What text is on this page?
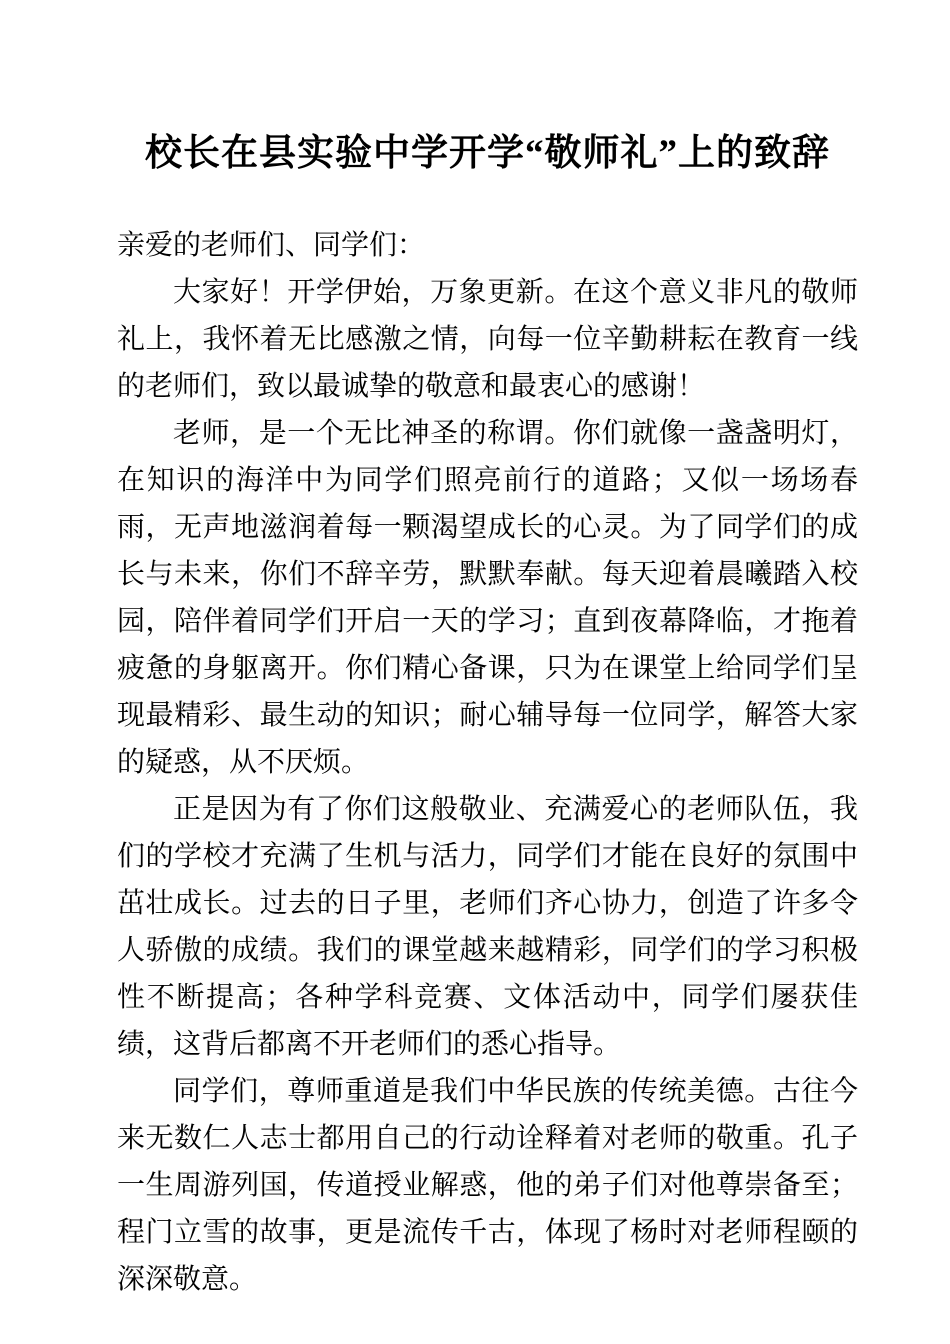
校长在县实验中学开学“敬师礼”上的致辞

亲爱的老师们、同学们：

大家好！开学伊始，万象更新。在这个意义非凡的敬师礼上，我怀着无比感激之情，向每一位辛勤耕耘在教育一线的老师们，致以最诚挚的敬意和最衷心的感谢！

老师，是一个无比神圣的称谓。你们就像一盏盏明灯，在知识的海洋中为同学们照亮前行的道路；又似一场场春雨，无声地滋润着每一颗渴望成长的心灵。为了同学们的成长与未来，你们不辞辛劳，默默奉献。每天迎着晨曦踏入校园，陪伴着同学们开启一天的学习；直到夜幕降临，才拖着疲惫的身躯离开。你们精心备课，只为在课堂上给同学们呈现最精彩、最生动的知识；耐心辅导每一位同学，解答大家的疑惑，从不厌烦。

正是因为有了你们这般敬业、充满爱心的老师队伍，我们的学校才充满了生机与活力，同学们才能在良好的氛围中茁壮成长。过去的日子里，老师们齐心协力，创造了许多令人骄傲的成绩。我们的课堂越来越精彩，同学们的学习积极性不断提高；各种学科竞赛、文体活动中，同学们屡获佳绩，这背后都离不开老师们的悉心指导。

同学们，尊师重道是我们中华民族的传统美德。古往今来无数仁人志士都用自己的行动诠释着对老师的敬重。孔子一生周游列国，传道授业解惑，他的弟子们对他尊崇备至；程门立雪的故事，更是流传千古，体现了杨时对老师程颐的深深敬意。
